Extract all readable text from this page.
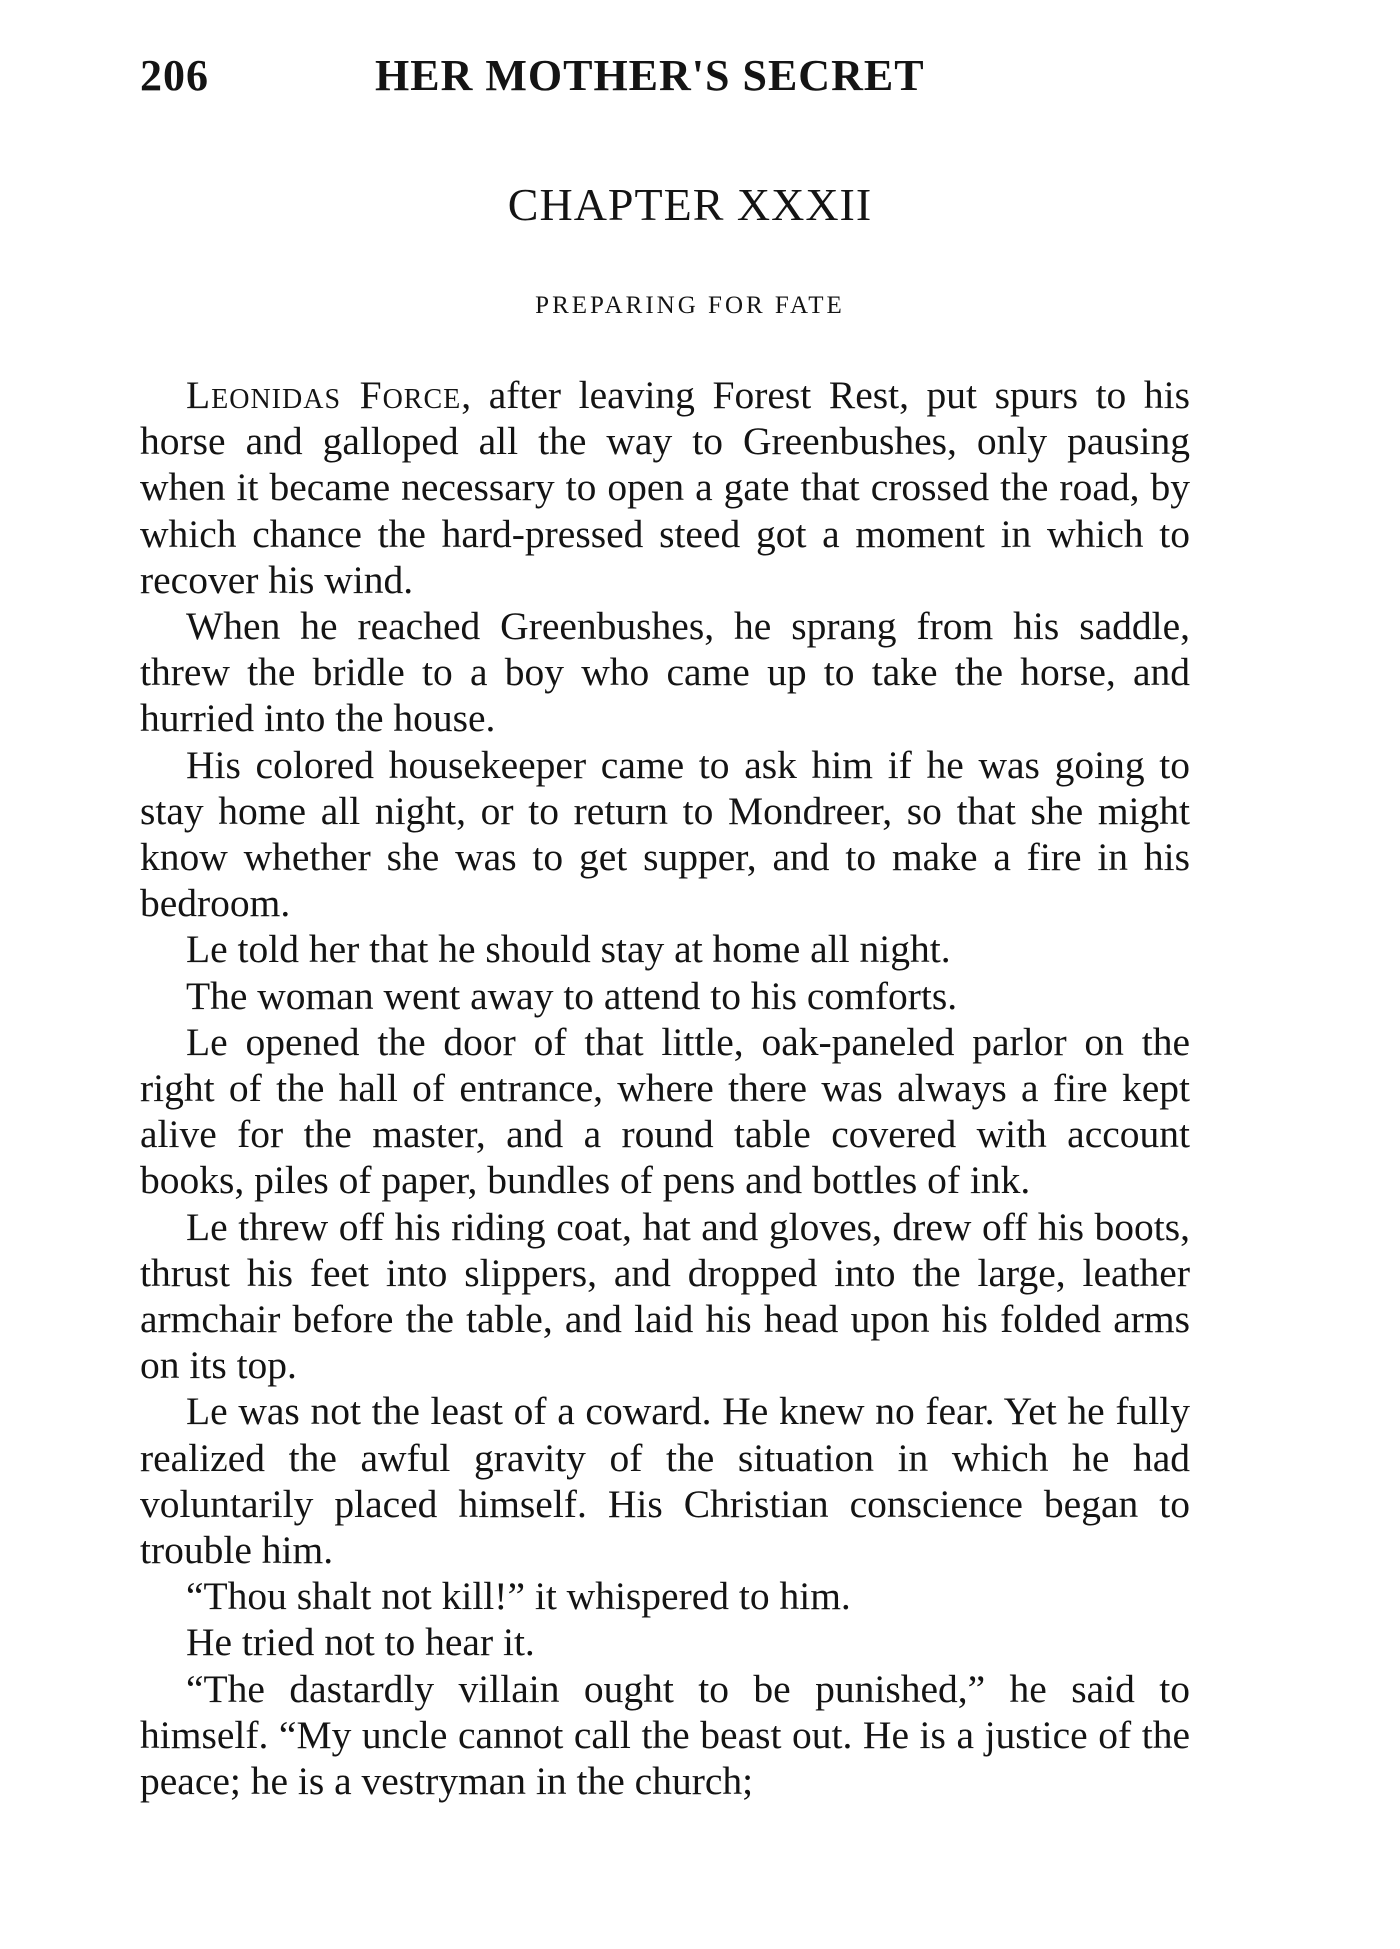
206	HER MOTHER'S SECRET
CHAPTER XXXII
PREPARING FOR FATE

Leonidas Force, after leaving Forest Rest, put spurs to his horse and galloped all the way to Greenbushes, only pausing when it became necessary to open a gate that crossed the road, by which chance the hard-pressed steed got a moment in which to recover his wind.

When he reached Greenbushes, he sprang from his saddle, threw the bridle to a boy who came up to take the horse, and hurried into the house.

His colored housekeeper came to ask him if he was going to stay home all night, or to return to Mondreer, so that she might know whether she was to get supper, and to make a fire in his bedroom.

Le told her that he should stay at home all night.

The woman went away to attend to his comforts.

Le opened the door of that little, oak-paneled parlor on the right of the hall of entrance, where there was always a fire kept alive for the master, and a round table covered with account books, piles of paper, bundles of pens and bottles of ink.

Le threw off his riding coat, hat and gloves, drew off his boots, thrust his feet into slippers, and dropped into the large, leather armchair before the table, and laid his head upon his folded arms on its top.

Le was not the least of a coward. He knew no fear. Yet he fully realized the awful gravity of the situation in which he had voluntarily placed himself. His Christian conscience began to trouble him.

“Thou shalt not kill!” it whispered to him.

He tried not to hear it.

“The dastardly villain ought to be punished,” he said to himself. “My uncle cannot call the beast out. He is a justice of the peace; he is a vestryman in the church;
